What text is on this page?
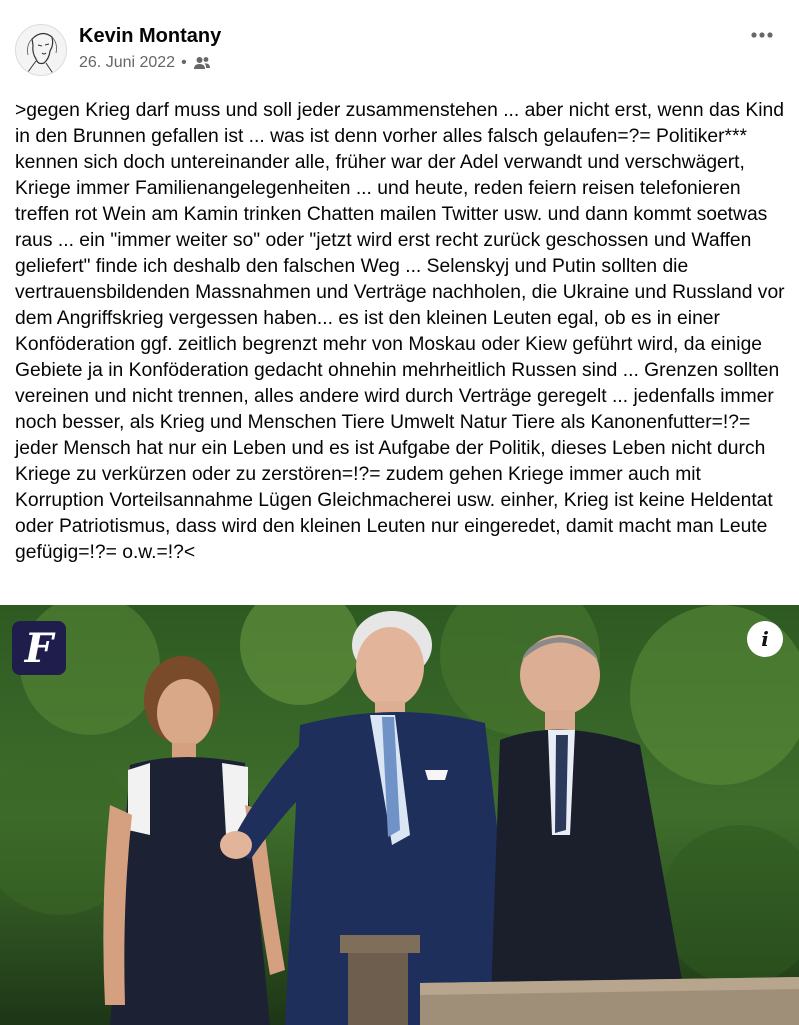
Kevin Montany
26. Juni 2022 •
>gegen Krieg darf muss und soll jeder zusammenstehen ... aber nicht erst, wenn das Kind in den Brunnen gefallen ist ... was ist denn vorher alles falsch gelaufen=?= Politiker*** kennen sich doch untereinander alle, früher war der Adel verwandt und verschwägert, Kriege immer Familienangelegenheiten ... und heute, reden feiern reisen telefonieren treffen rot Wein am Kamin trinken Chatten mailen Twitter usw. und dann kommt soetwas raus ... ein "immer weiter so" oder "jetzt wird erst recht zurück geschossen und Waffen geliefert" finde ich deshalb den falschen Weg ... Selenskyj und Putin sollten die vertrauensbildenden Massnahmen und Verträge nachholen, die Ukraine und Russland vor dem Angriffskrieg vergessen haben... es ist den kleinen Leuten egal, ob es in einer Konföderation ggf. zeitlich begrenzt mehr von Moskau oder Kiew geführt wird, da einige Gebiete ja in Konföderation gedacht ohnehin mehrheitlich Russen sind ... Grenzen sollten vereinen und nicht trennen, alles andere wird durch Verträge geregelt ... jedenfalls immer noch besser, als Krieg und Menschen Tiere Umwelt Natur Tiere als Kanonenfutter=!?= jeder Mensch hat nur ein Leben und es ist Aufgabe der Politik, dieses Leben nicht durch Kriege zu verkürzen oder zu zerstören=!?= zudem gehen Kriege immer auch mit Korruption Vorteilsannahme Lügen Gleichmacherei usw. einher, Krieg ist keine Heldentat oder Patriotismus, dass wird den kleinen Leuten nur eingeredet, damit macht man Leute gefügig=!?= o.w.=!?<
F	i
